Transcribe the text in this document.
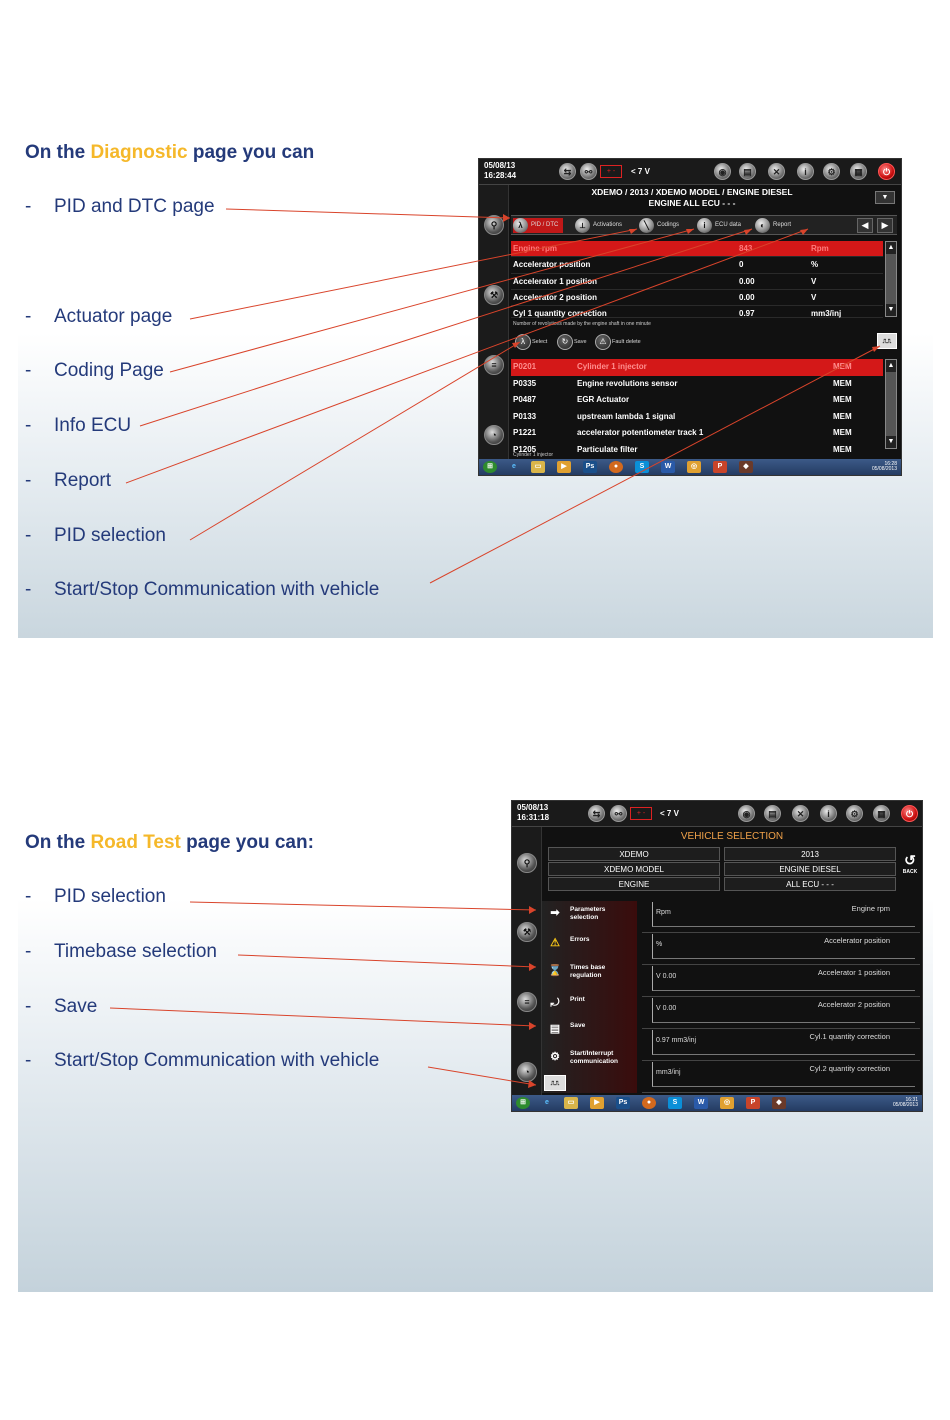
On the Diagnostic page you can
- PID and DTC page
- Actuator page
- Coding Page
- Info ECU
- Report
- PID selection
- Start/Stop Communication with vehicle
On the Road Test page you can:
- PID selection
- Timebase selection
- Save
- Start/Stop Communication with vehicle
05/08/13
16:28:44	⇆	⚯	+ -	< 7 V	◉	▤	✕	i	⚙	▦	⏻
⚲
⚒
≡
◔
XDEMO / 2013 / XDEMO MODEL / ENGINE DIESEL
ENGINE ALL ECU - - -
▼
λ	PID / DTC	⟂	Activations	╲	Codings	i	ECU data	◐	Report	◀	▶
Engine rpm	843	Rpm
Accelerator position	0	%
Accelerator 1 position	0.00	V
Accelerator 2 position	0.00	V
Cyl 1 quantity correction	0.97	mm3/inj
▲
▼
Number of revolutions made by the engine shaft in one minute
λ	Select	↻	Save	⚠ Fault delete	⎍⎍
P0201	Cylinder 1 injector	MEM
P0335	Engine revolutions sensor	MEM
P0487	EGR Actuator	MEM
P0133	upstream lambda 1 signal	MEM
P1221	accelerator potentiometer track 1	MEM
P1205	Particulate filter	MEM
▲
▼
Cylinder 1 injector
⊞	e	▭	▶	Ps	●	S	W	◎	P	◆	16:28
05/08/2013
05/08/13
16:31:18	⇆	⚯	+ -	< 7 V	◉	▤	✕	i	⚙	▦	⏻
⚲
⚒
≡
◔
VEHICLE SELECTION
XDEMO	2013
XDEMO MODEL	ENGINE DIESEL
ENGINE	ALL ECU - - -
↺
BACK
➡	Parameters selection
⚠	Errors
⌛	Times base regulation
⤾	Print
▤	Save
⚙	Start/Interrupt communication
⎍⎍
Rpm	Engine rpm
%	Accelerator position
V 0.00	Accelerator 1 position
V 0.00	Accelerator 2 position
0.97 mm3/inj	Cyl.1 quantity correction
mm3/inj	Cyl.2 quantity correction
⊞	e	▭	▶	Ps	●	S	W	◎	P	◆	16:31
05/08/2013
